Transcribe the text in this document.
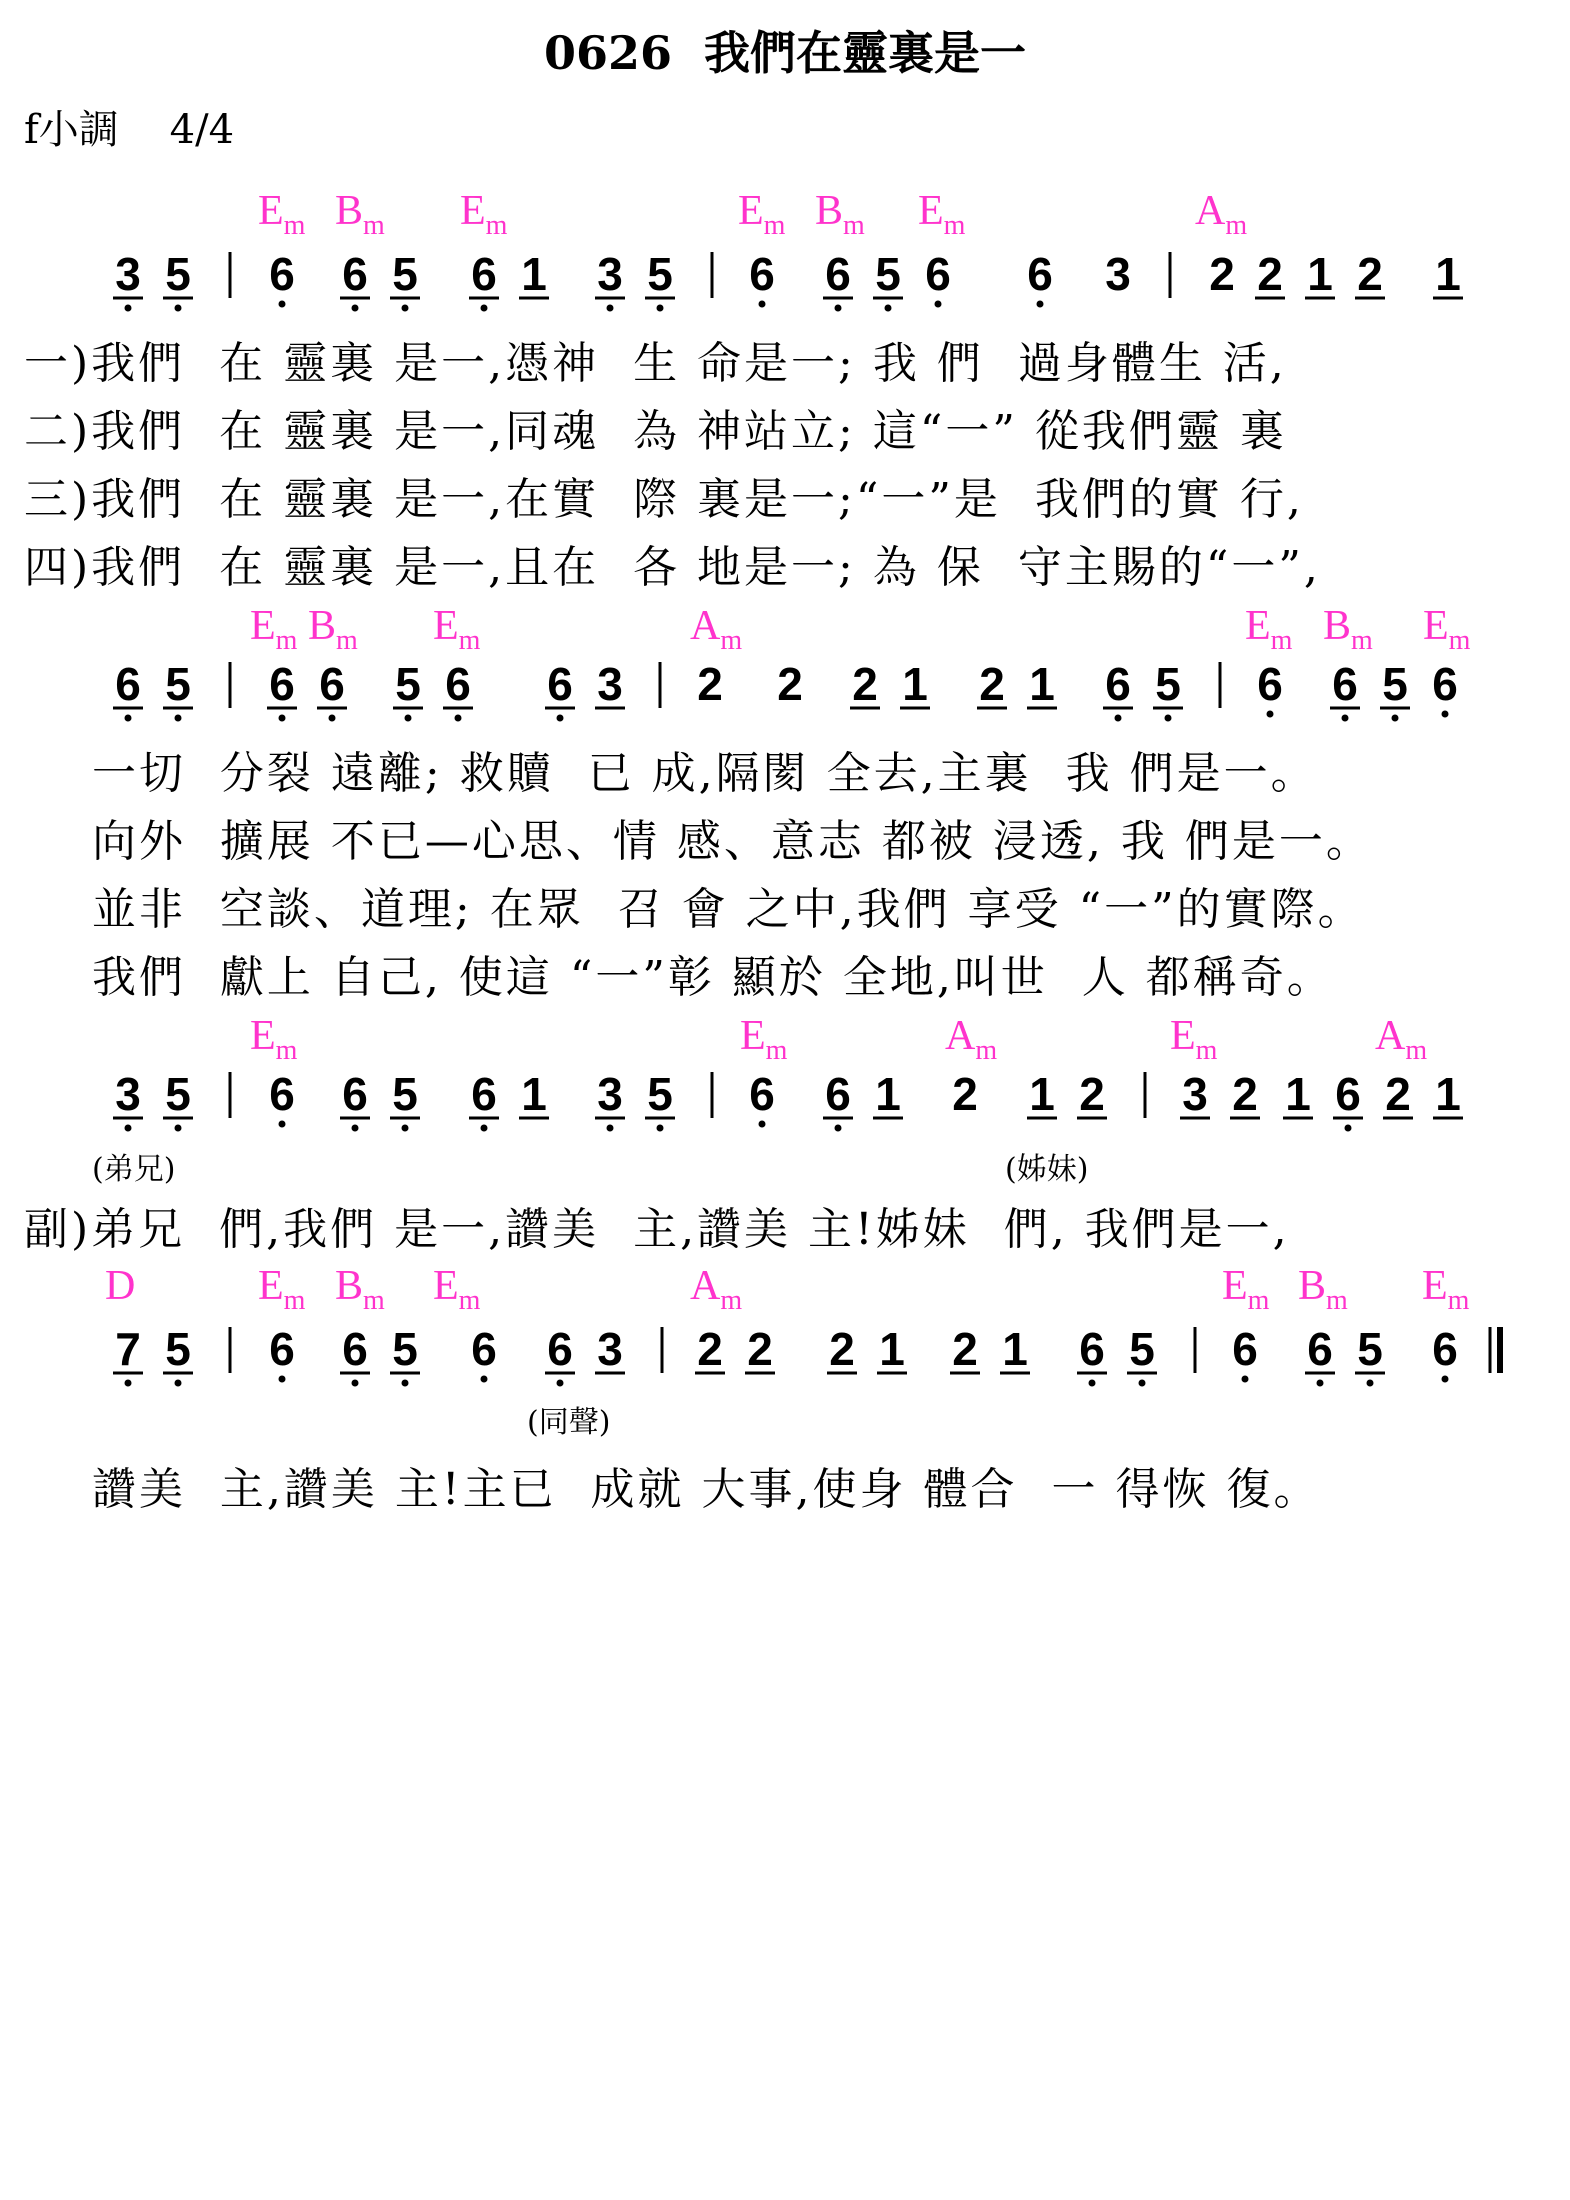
0626  我們在靈裏是一
f小調    4/4
$E_m$ $B_m$ $E_m$	$E_m$ $B_m$ $E_m$	$A_m$
$E_m$ $B_m$ $E_m$	$A_m$	$E_m$ $B_m$ $E_m$
$E_m$	$E_m$	$A_m$	$E_m$	$A_m$
D	$E_m$ $B_m$ $E_m$	$A_m$	$E_m$ $B_m$ $E_m$
(弟兄)	(姊妹)
(同聲)
一)我們  在 靈裏 是一,憑神  生 命是一; 我 們  過身體生 活,
二)我們  在 靈裏 是一,同魂  為 神站立; 這“一” 從我們靈 裏
三)我們  在 靈裏 是一,在實  際 裏是一;“一”是  我們的實 行,
四)我們  在 靈裏 是一,且在  各 地是一; 為 保  守主賜的“一”,
一切  分裂 遠離; 救贖  已 成,隔閡 全去,主裏  我 們是一。
向外  擴展 不已—心思、情 感、意志 都被 浸透, 我 們是一。
並非  空談、道理; 在眾  召 會 之中,我們 享受 “一”的實際。
我們  獻上 自己, 使這 “一”彰 顯於 全地,叫世  人 都稱奇。
副)弟兄  們,我們 是一,讚美  主,讚美 主!姊妹  們, 我們是一,
讚美  主,讚美 主!主已  成就 大事,使身 體合  一 得恢 復。
3 5 6 6 5 6 1 3 5 6 6 5 6 6 3 2 2 1 2 1
6 5 6 6 5 6 6 3 2 2 2 1 2 1 6 5 6 6 5 6
3 5 6 6 5 6 1 3 5 6 6 1 2 1 2 3 2 1 6 2 1
7 5 6 6 5 6 6 3 2 2 2 1 2 1 6 5 6 6 5 6
